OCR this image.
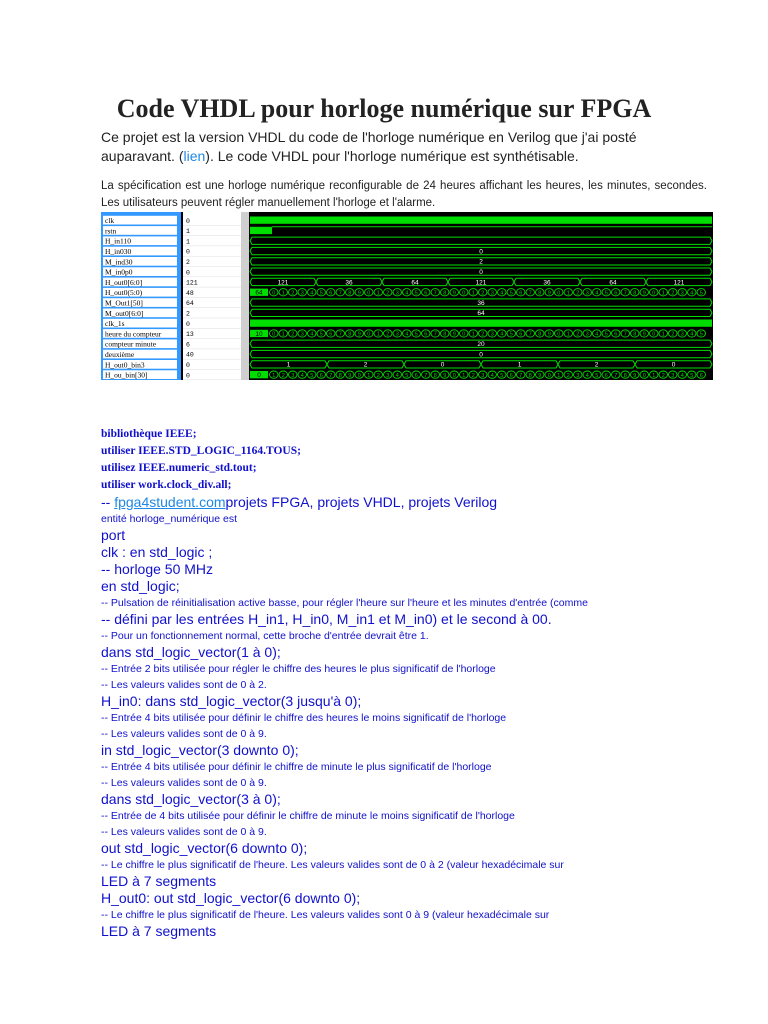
Code VHDL pour horloge numérique sur FPGA

Ce projet est la version VHDL du code de l'horloge numérique en Verilog que j'ai posté auparavant. (lien). Le code VHDL pour l'horloge numérique est synthétisable.

La spécification est une horloge numérique reconfigurable de 24 heures affichant les heures, les minutes, secondes. Les utilisateurs peuvent régler manuellement l'horloge et l'alarme.

clk	0
rstn	1
H_in110	1
H_in030	0	0
M_ind30	2	2
M_in0p0	0	0
H_out0[6:0]	121	121	36	64	121	36	64	121
H_out0(5:0)	48	64 0 1 2 3 4 5 6 7 8 9 0 1 2 3 4 5 6 7 8 9 0 1 2 3 4 5 6 7 8 9 0 1 2 3 4 5 6 7 8 9 0 1 2 3 4 5
M_Out1[50]	64	36
M_out0[6:0]	2	64
clk_1s	0
heure du compteur	13	10 0 1 2 3 4 5 6 7 8 9 0 1 2 3 4 5 6 7 8 9 0 1 2 3 4 5 6 7 8 9 0 1 2 3 4 5 6 7 8 9 0 1 2 3 4 5
compteur minute	6	20
deuxième	40	0
H_out0_bin3	0	1	2	0	1	2	0
H_ou_bin[30]	0	0 1 2 3 4 5 6 7 8 9 0 1 2 3 4 5 6 7 8 9 0 1 2 3 4 5 6 7 8 9 0 1 2 3 4 5 6 7 8 9 0 1 2 3 4 5 6
bibliothèque IEEE;
utiliser IEEE.STD_LOGIC_1164.TOUS;
utilisez IEEE.numeric_std.tout;
utiliser work.clock_div.all;
-- fpga4student.comprojets FPGA, projets VHDL, projets Verilog
entité horloge_numérique est
port
clk : en std_logic ;
-- horloge 50 MHz
en std_logic;
-- Pulsation de réinitialisation active basse, pour régler l'heure sur l'heure et les minutes d'entrée (comme
-- défini par les entrées H_in1, H_in0, M_in1 et M_in0) et le second à 00.
-- Pour un fonctionnement normal, cette broche d'entrée devrait être 1.
dans std_logic_vector(1 à 0);
-- Entrée 2 bits utilisée pour régler le chiffre des heures le plus significatif de l'horloge
-- Les valeurs valides sont de 0 à 2.
H_in0: dans std_logic_vector(3 jusqu'à 0);
-- Entrée 4 bits utilisée pour définir le chiffre des heures le moins significatif de l'horloge
-- Les valeurs valides sont de 0 à 9.
in std_logic_vector(3 downto 0);
-- Entrée 4 bits utilisée pour définir le chiffre de minute le plus significatif de l'horloge
-- Les valeurs valides sont de 0 à 9.
dans std_logic_vector(3 à 0);
-- Entrée de 4 bits utilisée pour définir le chiffre de minute le moins significatif de l'horloge
-- Les valeurs valides sont de 0 à 9.
out std_logic_vector(6 downto 0);
-- Le chiffre le plus significatif de l'heure. Les valeurs valides sont de 0 à 2 (valeur hexadécimale sur
LED à 7 segments
H_out0: out std_logic_vector(6 downto 0);
-- Le chiffre le plus significatif de l'heure. Les valeurs valides sont 0 à 9 (valeur hexadécimale sur
LED à 7 segments
